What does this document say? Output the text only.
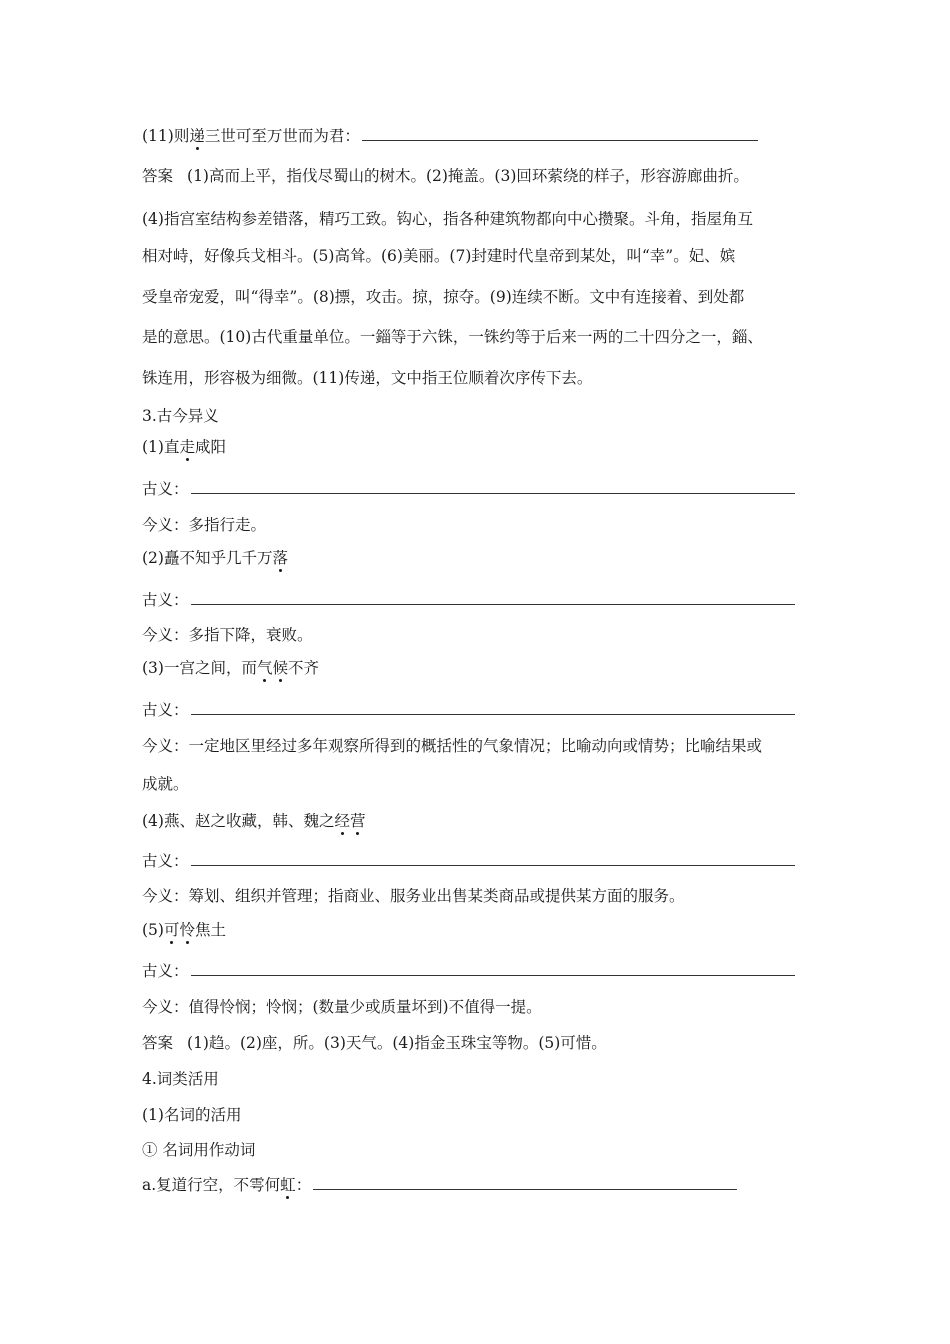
(11)则递三世可至万世而为君：
答案 (1)高而上平，指伐尽蜀山的树木。(2)掩盖。(3)回环萦绕的样子，形容游廊曲折。
(4)指宫室结构参差错落，精巧工致。钩心，指各种建筑物都向中心攒聚。斗角，指屋角互
相对峙，好像兵戈相斗。(5)高耸。(6)美丽。(7)封建时代皇帝到某处，叫“幸”。妃、嫔
受皇帝宠爱，叫“得幸”。(8)摽，攻击。掠，掠夺。(9)连续不断。文中有连接着、到处都
是的意思。(10)古代重量单位。一錙等于六铢，一铢约等于后来一两的二十四分之一，錙、
铢连用，形容极为细微。(11)传递，文中指王位顺着次序传下去。
3.古今异义
(1)直走咸阳
古义：
今义：多指行走。
(2)矗不知乎几千万落
古义：
今义：多指下降，衰败。
(3)一宫之间，而气候不齐
古义：
今义：一定地区里经过多年观察所得到的概括性的气象情况；比喻动向或情势；比喻结果或
成就。
(4)燕、赵之收藏，韩、魏之经营
古义：
今义：筹划、组织并管理；指商业、服务业出售某类商品或提供某方面的服务。
(5)可怜焦土
古义：
今义：值得怜悯；怜悯；(数量少或质量坏到)不值得一提。
答案 (1)趋。(2)座，所。(3)天气。(4)指金玉珠宝等物。(5)可惜。
4.词类活用
(1)名词的活用
① 名词用作动词
a.复道行空，不雩何虹：
